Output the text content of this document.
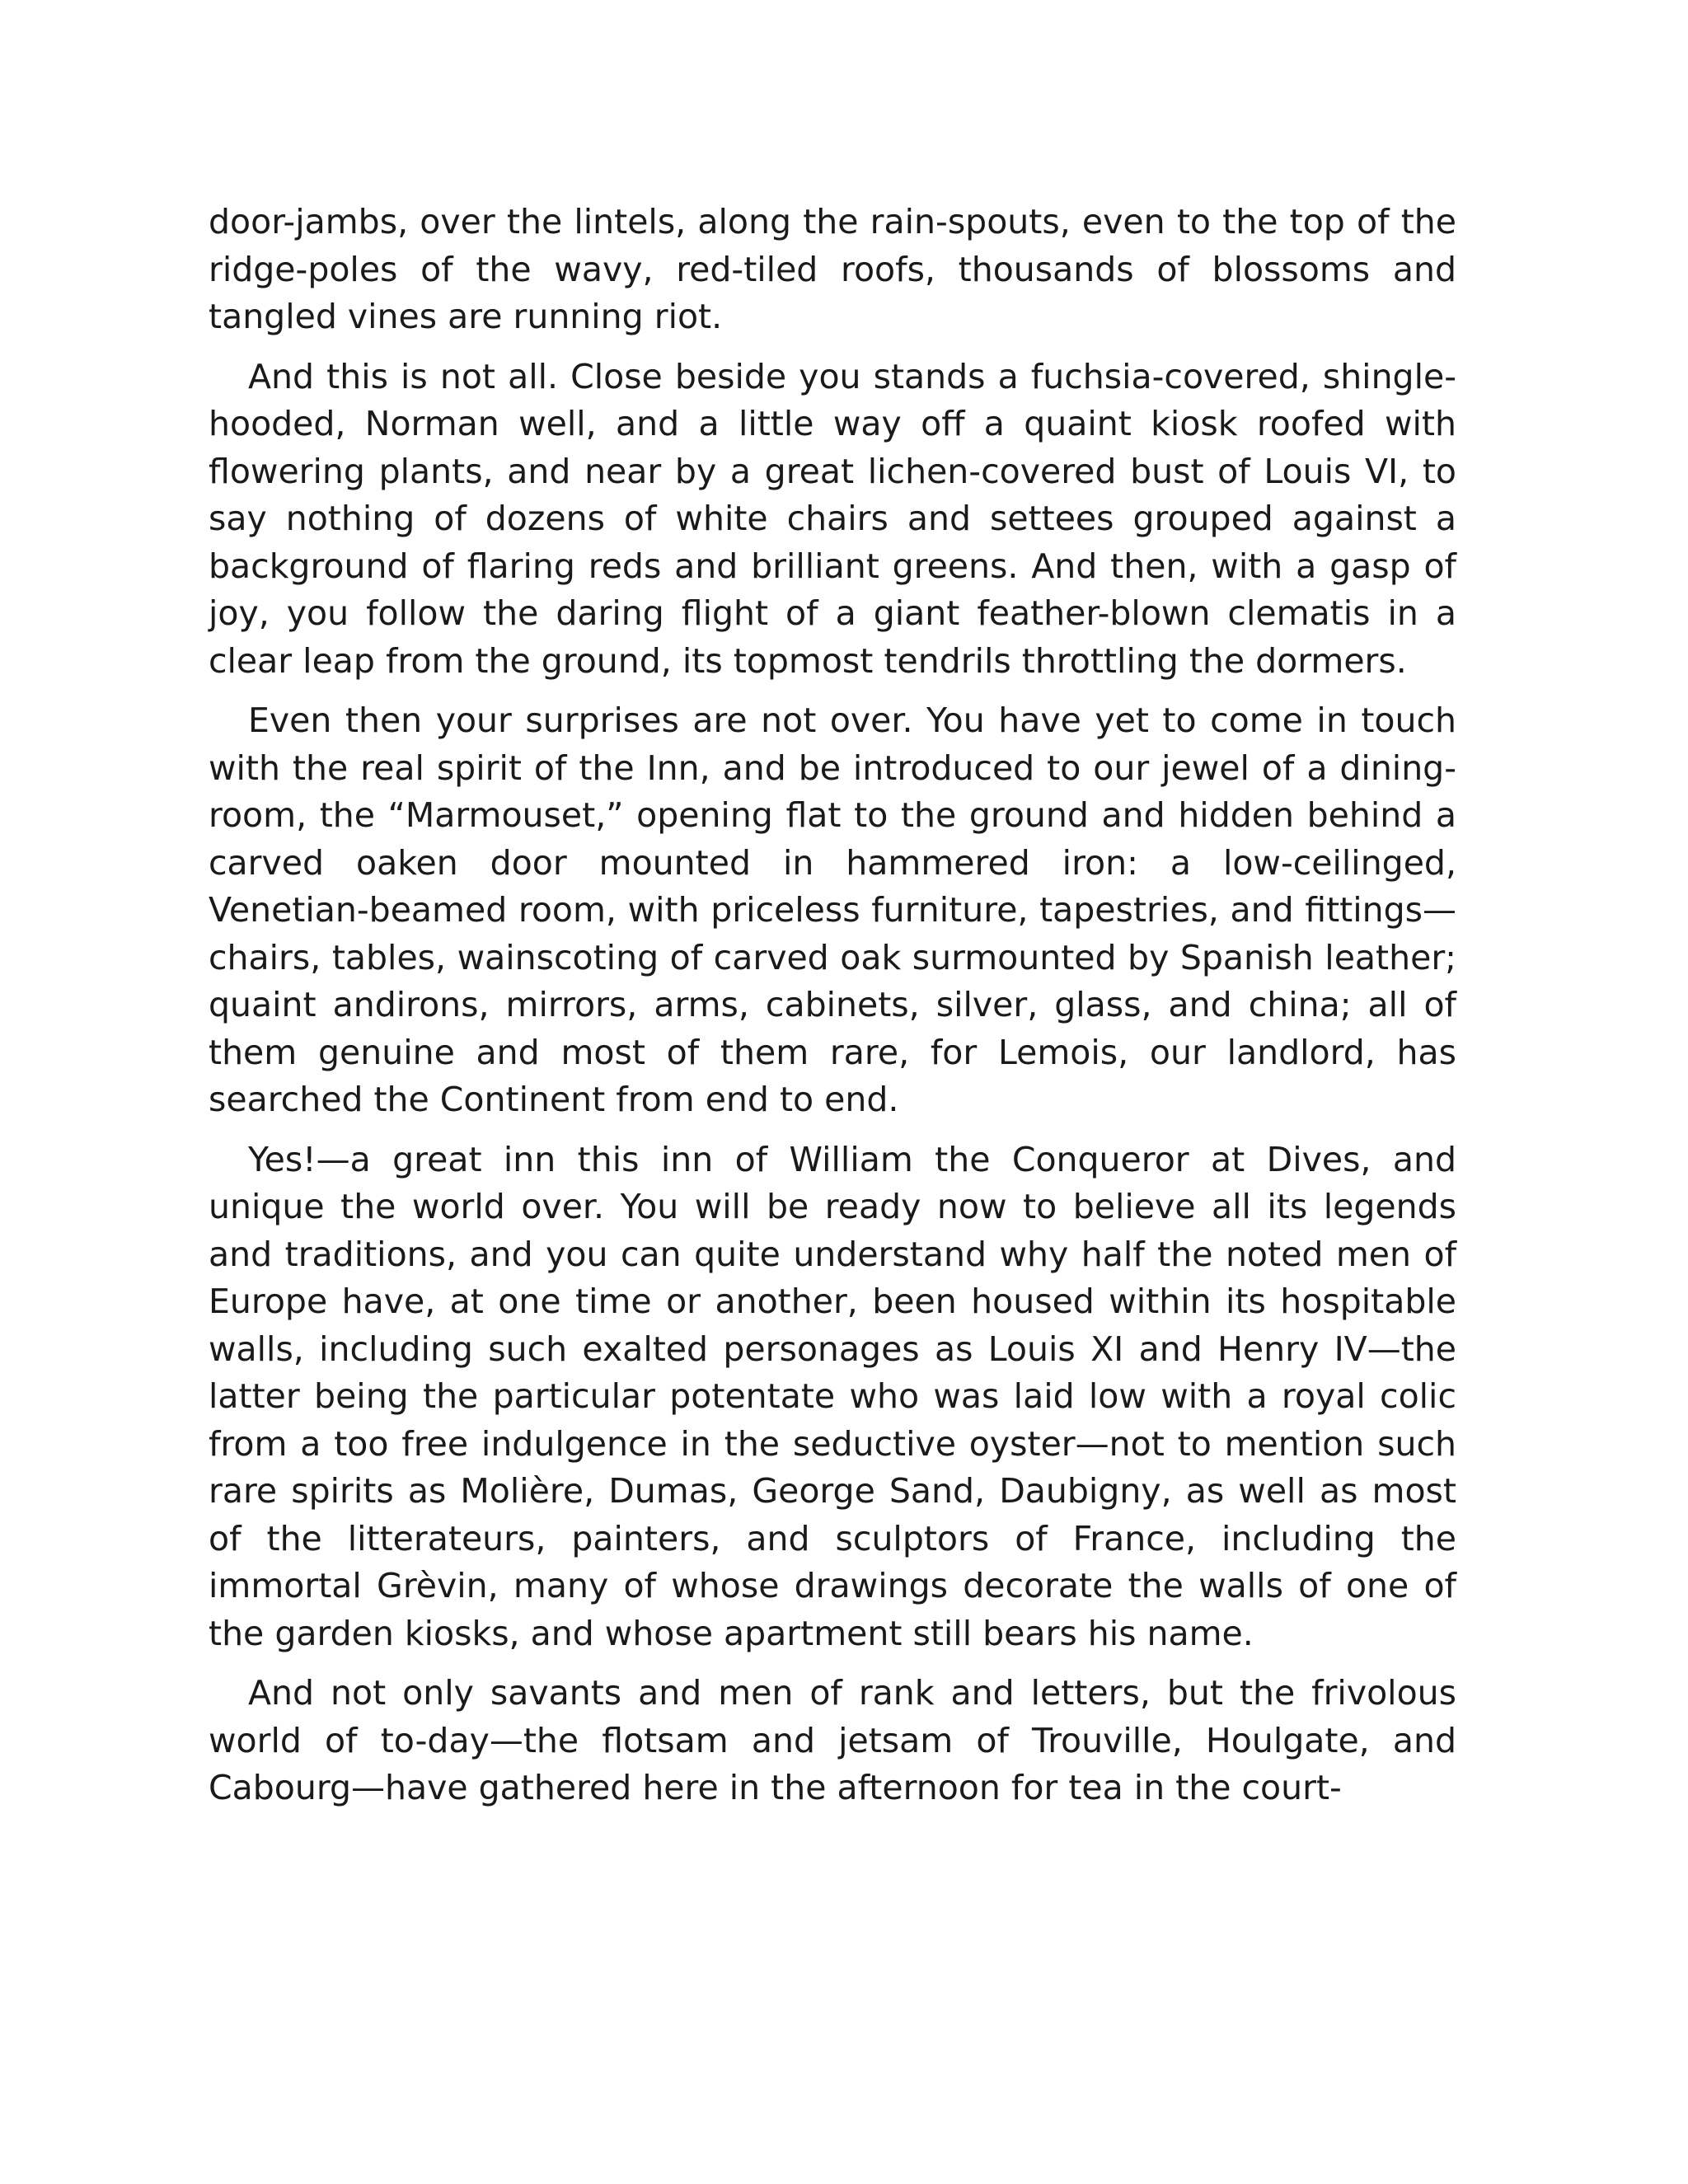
door-jambs, over the lintels, along the rain-spouts, even to the top of the ridge-poles of the wavy, red-tiled roofs, thousands of blossoms and tangled vines are running riot.

And this is not all. Close beside you stands a fuchsia-covered, shingle-hooded, Norman well, and a little way off a quaint kiosk roofed with flowering plants, and near by a great lichen-covered bust of Louis VI, to say nothing of dozens of white chairs and settees grouped against a background of flaring reds and brilliant greens. And then, with a gasp of joy, you follow the daring flight of a giant feather-blown clematis in a clear leap from the ground, its topmost tendrils throttling the dormers.

Even then your surprises are not over. You have yet to come in touch with the real spirit of the Inn, and be introduced to our jewel of a dining-room, the “Marmouset,” opening flat to the ground and hidden behind a carved oaken door mounted in hammered iron: a low-ceilinged, Venetian-beamed room, with priceless furniture, tapestries, and fittings—chairs, tables, wainscoting of carved oak surmounted by Spanish leather; quaint andirons, mirrors, arms, cabinets, silver, glass, and china; all of them genuine and most of them rare, for Lemois, our landlord, has searched the Continent from end to end.

Yes!—a great inn this inn of William the Conqueror at Dives, and unique the world over. You will be ready now to believe all its legends and traditions, and you can quite understand why half the noted men of Europe have, at one time or another, been housed within its hospitable walls, including such exalted personages as Louis XI and Henry IV—the latter being the particular potentate who was laid low with a royal colic from a too free indulgence in the seductive oyster—not to mention such rare spirits as Molière, Dumas, George Sand, Daubigny, as well as most of the litterateurs, painters, and sculptors of France, including the immortal Grèvin, many of whose drawings decorate the walls of one of the garden kiosks, and whose apartment still bears his name.

And not only savants and men of rank and letters, but the frivolous world of to-day—the flotsam and jetsam of Trouville, Houlgate, and Cabourg—have gathered here in the afternoon for tea in the court-
